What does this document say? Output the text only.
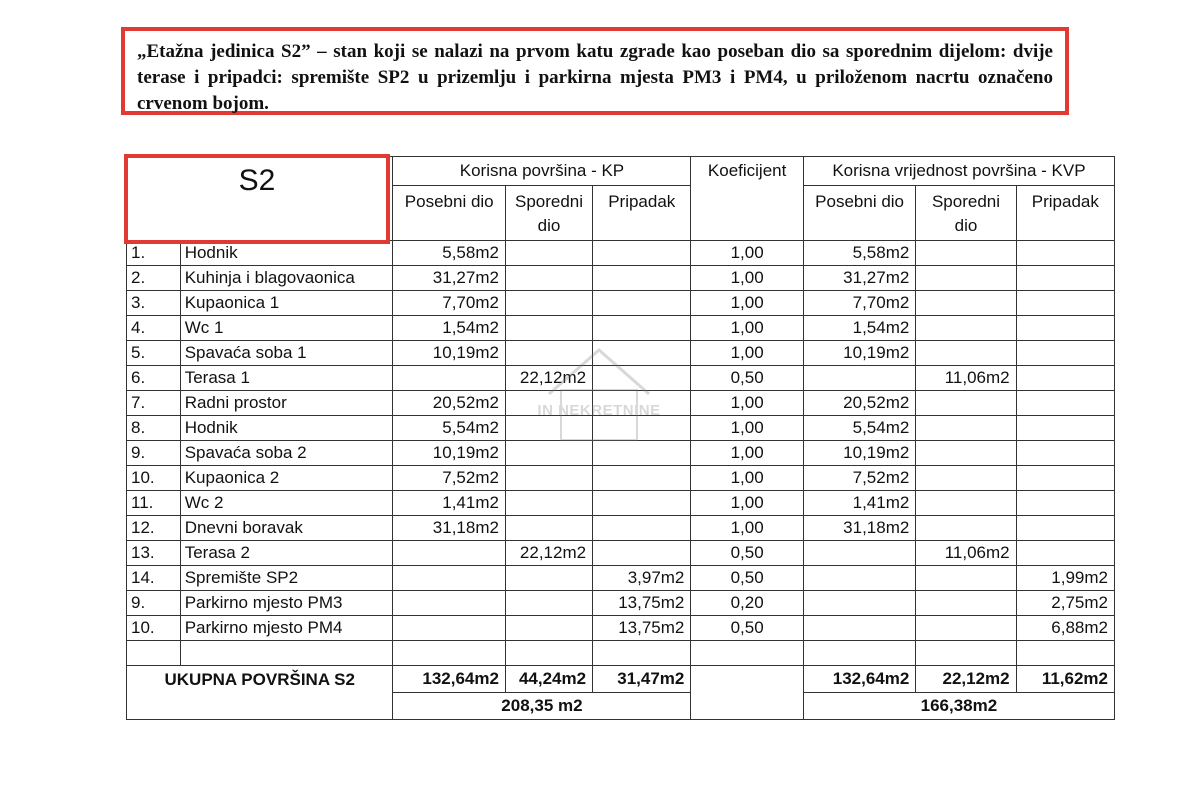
„Etažna jedinica S2” – stan koji se nalazi na prvom katu zgrade kao poseban dio sa sporednim dijelom: dvije terase i pripadci: spremište SP2 u prizemlju i parkirna mjesta PM3 i PM4, u priloženom nacrtu označeno crvenom bojom.
		Korisna površina - KP			Koeficijent	Korisna vrijednost površina - KVP		
		Posebni dio	Sporedni dio	Pripadak		Posebni dio	Sporedni dio	Pripadak
1.	Hodnik	5,58m2			1,00	5,58m2		
2.	Kuhinja i blagovaonica	31,27m2			1,00	31,27m2		
3.	Kupaonica 1	7,70m2			1,00	7,70m2		
4.	Wc 1	1,54m2			1,00	1,54m2		
5.	Spavaća soba 1	10,19m2			1,00	10,19m2		
6.	Terasa 1		22,12m2		0,50		11,06m2	
7.	Radni prostor	20,52m2			1,00	20,52m2		
8.	Hodnik	5,54m2			1,00	5,54m2		
9.	Spavaća soba 2	10,19m2			1,00	10,19m2		
10.	Kupaonica 2	7,52m2			1,00	7,52m2		
11.	Wc 2	1,41m2			1,00	1,41m2		
12.	Dnevni boravak	31,18m2			1,00	31,18m2		
13.	Terasa 2		22,12m2		0,50		11,06m2	
14.	Spremište SP2			3,97m2	0,50			1,99m2
9.	Parkirno mjesto PM3			13,75m2	0,20			2,75m2
10.	Parkirno mjesto PM4			13,75m2	0,50			6,88m2

UKUPNA POVRŠINA S2		132,64m2	44,24m2	31,47m2		132,64m2	22,12m2	11,62m2
		208,35 m2				166,38m2		
S2
IN NEKRETNINE
